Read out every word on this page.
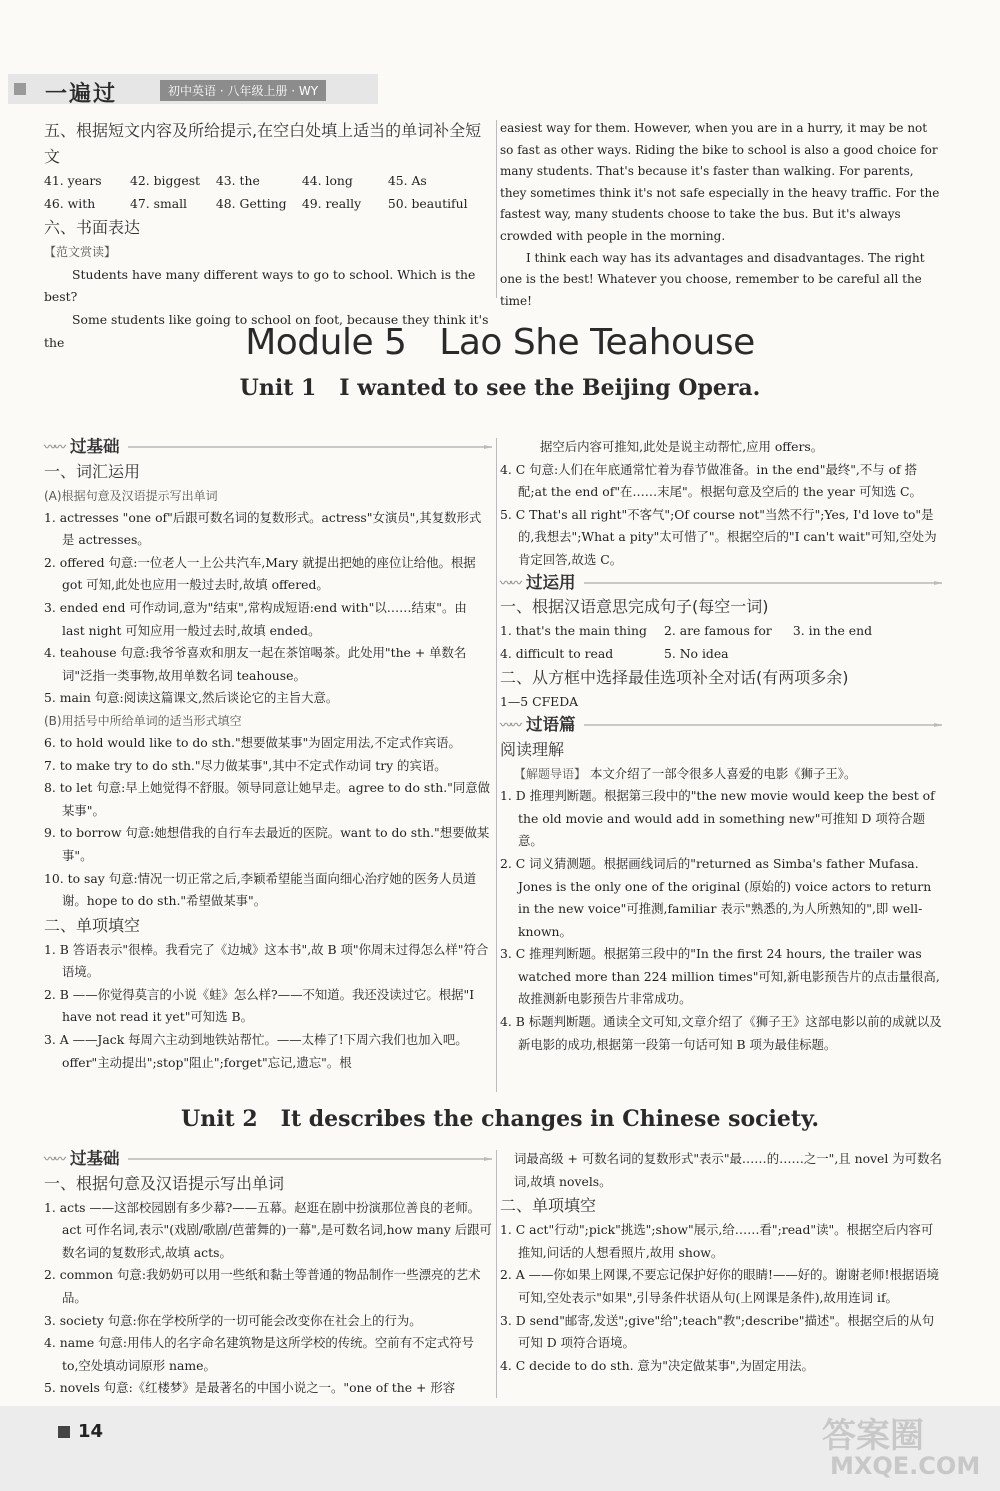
一遍过	初中英语 · 八年级上册 · WY
五、根据短文内容及所给提示,在空白处填上适当的单词补全短文
41. years 42. biggest 43. the	44. long	45. As
46. with	47. small 48. Getting 49. really 50. beautiful
六、书面表达
【范文赏读】

Students have many different ways to go to school. Which is the best?

Some students like going to school on foot, because they think it's the

easiest way for them. However, when you are in a hurry, it may be not so fast as other ways. Riding the bike to school is also a good choice for many students. That's because it's faster than walking. For parents, they sometimes think it's not safe especially in the heavy traffic. For the fastest way, many students choose to take the bus. But it's always crowded with people in the morning.

I think each way has its advantages and disadvantages. The right one is the best! Whatever you choose, remember to be careful all the time!

Module 5   Lao She Teahouse
Unit 1   I wanted to see the Beijing Opera.
〰〰 过基础
一、词汇运用
(A)根据句意及汉语提示写出单词

1. actresses "one of"后跟可数名词的复数形式。actress"女演员",其复数形式是 actresses。

2. offered 句意:一位老人一上公共汽车,Mary 就提出把她的座位让给他。根据 got 可知,此处也应用一般过去时,故填 offered。

3. ended end 可作动词,意为"结束",常构成短语:end with"以……结束"。由 last night 可知应用一般过去时,故填 ended。

4. teahouse 句意:我爷爷喜欢和朋友一起在茶馆喝茶。此处用"the + 单数名词"泛指一类事物,故用单数名词 teahouse。

5. main 句意:阅读这篇课文,然后谈论它的主旨大意。

(B)用括号中所给单词的适当形式填空

6. to hold would like to do sth."想要做某事"为固定用法,不定式作宾语。

7. to make try to do sth."尽力做某事",其中不定式作动词 try 的宾语。

8. to let 句意:早上她觉得不舒服。领导同意让她早走。agree to do sth."同意做某事"。

9. to borrow 句意:她想借我的自行车去最近的医院。want to do sth."想要做某事"。

10. to say 句意:情况一切正常之后,李颖希望能当面向细心治疗她的医务人员道谢。hope to do sth."希望做某事"。

二、单项填空

1. B 答语表示"很棒。我看完了《边城》这本书",故 B 项"你周末过得怎么样"符合语境。

2. B ——你觉得莫言的小说《蛙》怎么样?——不知道。我还没读过它。根据"I have not read it yet"可知选 B。

3. A ——Jack 每周六主动到地铁站帮忙。——太棒了!下周六我们也加入吧。offer"主动提出";stop"阻止";forget"忘记,遗忘"。根

据空后内容可推知,此处是说主动帮忙,应用 offers。

4. C 句意:人们在年底通常忙着为春节做准备。in the end"最终",不与 of 搭配;at the end of"在……末尾"。根据句意及空后的 the year 可知选 C。

5. C That's all right"不客气";Of course not"当然不行";Yes, I'd love to"是的,我想去";What a pity"太可惜了"。根据空后的"I can't wait"可知,空处为肯定回答,故选 C。

〰〰 过运用
一、根据汉语意思完成句子(每空一词)
1. that's the main thing 2. are famous for 3. in the end
4. difficult to read	5. No idea
二、从方框中选择最佳选项补全对话(有两项多余)

1—5 CFEDA

〰〰 过语篇
阅读理解

【解题导语】 本文介绍了一部令很多人喜爱的电影《狮子王》。

1. D 推理判断题。根据第三段中的"the new movie would keep the best of the old movie and would add in something new"可推知 D 项符合题意。

2. C 词义猜测题。根据画线词后的"returned as Simba's father Mufasa. Jones is the only one of the original (原始的) voice actors to return in the new voice"可推测,familiar 表示"熟悉的,为人所熟知的",即 well-known。

3. C 推理判断题。根据第三段中的"In the first 24 hours, the trailer was watched more than 224 million times"可知,新电影预告片的点击量很高,故推测新电影预告片非常成功。

4. B 标题判断题。通读全文可知,文章介绍了《狮子王》这部电影以前的成就以及新电影的成功,根据第一段第一句话可知 B 项为最佳标题。

Unit 2   It describes the changes in Chinese society.
〰〰 过基础
一、根据句意及汉语提示写出单词

1. acts ——这部校园剧有多少幕?——五幕。赵逛在剧中扮演那位善良的老师。act 可作名词,表示"(戏剧/歌剧/芭蕾舞的)一幕",是可数名词,how many 后跟可数名词的复数形式,故填 acts。

2. common 句意:我奶奶可以用一些纸和黏土等普通的物品制作一些漂亮的艺术品。

3. society 句意:你在学校所学的一切可能会改变你在社会上的行为。

4. name 句意:用伟人的名字命名建筑物是这所学校的传统。空前有不定式符号 to,空处填动词原形 name。

5. novels 句意:《红楼梦》是最著名的中国小说之一。"one of the + 形容

词最高级 + 可数名词的复数形式"表示"最……的……之一",且 novel 为可数名词,故填 novels。

二、单项填空

1. C act"行动";pick"挑选";show"展示,给……看";read"读"。根据空后内容可推知,问话的人想看照片,故用 show。

2. A ——你如果上网课,不要忘记保护好你的眼睛!——好的。谢谢老师!根据语境可知,空处表示"如果",引导条件状语从句(上网课是条件),故用连词 if。

3. D send"邮寄,发送";give"给";teach"教";describe"描述"。根据空后的从句可知 D 项符合语境。

4. C decide to do sth. 意为"决定做某事",为固定用法。

14	答案圈
MXQE.COM
